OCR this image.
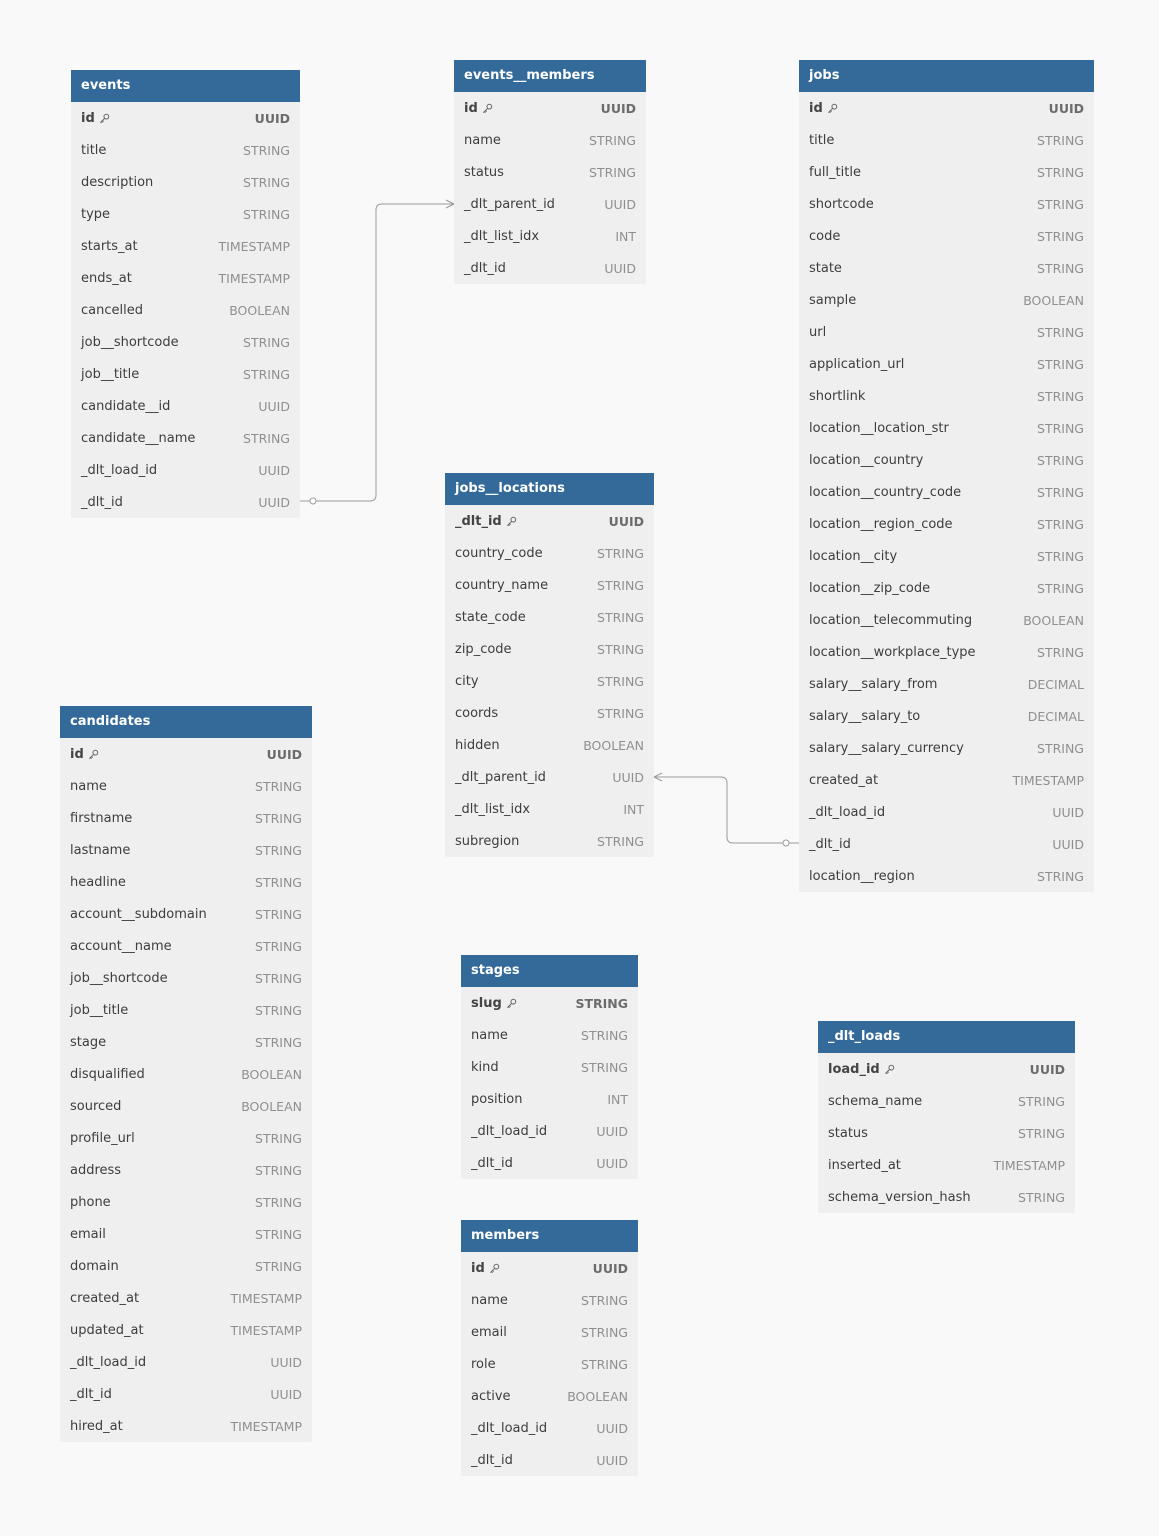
events
id	UUID
title	STRING
description	STRING
type	STRING
starts_at	TIMESTAMP
ends_at	TIMESTAMP
cancelled	BOOLEAN
job__shortcode	STRING
job__title	STRING
candidate__id	UUID
candidate__name	STRING
_dlt_load_id	UUID
_dlt_id	UUID
events__members
id	UUID
name	STRING
status	STRING
_dlt_parent_id	UUID
_dlt_list_idx	INT
_dlt_id	UUID
jobs
id	UUID
title	STRING
full_title	STRING
shortcode	STRING
code	STRING
state	STRING
sample	BOOLEAN
url	STRING
application_url	STRING
shortlink	STRING
location__location_str	STRING
location__country	STRING
location__country_code	STRING
location__region_code	STRING
location__city	STRING
location__zip_code	STRING
location__telecommuting	BOOLEAN
location__workplace_type	STRING
salary__salary_from	DECIMAL
salary__salary_to	DECIMAL
salary__salary_currency	STRING
created_at	TIMESTAMP
_dlt_load_id	UUID
_dlt_id	UUID
location__region	STRING
jobs__locations
_dlt_id	UUID
country_code	STRING
country_name	STRING
state_code	STRING
zip_code	STRING
city	STRING
coords	STRING
hidden	BOOLEAN
_dlt_parent_id	UUID
_dlt_list_idx	INT
subregion	STRING
candidates
id	UUID
name	STRING
firstname	STRING
lastname	STRING
headline	STRING
account__subdomain	STRING
account__name	STRING
job__shortcode	STRING
job__title	STRING
stage	STRING
disqualified	BOOLEAN
sourced	BOOLEAN
profile_url	STRING
address	STRING
phone	STRING
email	STRING
domain	STRING
created_at	TIMESTAMP
updated_at	TIMESTAMP
_dlt_load_id	UUID
_dlt_id	UUID
hired_at	TIMESTAMP
stages
slug	STRING
name	STRING
kind	STRING
position	INT
_dlt_load_id	UUID
_dlt_id	UUID
_dlt_loads
load_id	UUID
schema_name	STRING
status	STRING
inserted_at	TIMESTAMP
schema_version_hash	STRING
members
id	UUID
name	STRING
email	STRING
role	STRING
active	BOOLEAN
_dlt_load_id	UUID
_dlt_id	UUID
